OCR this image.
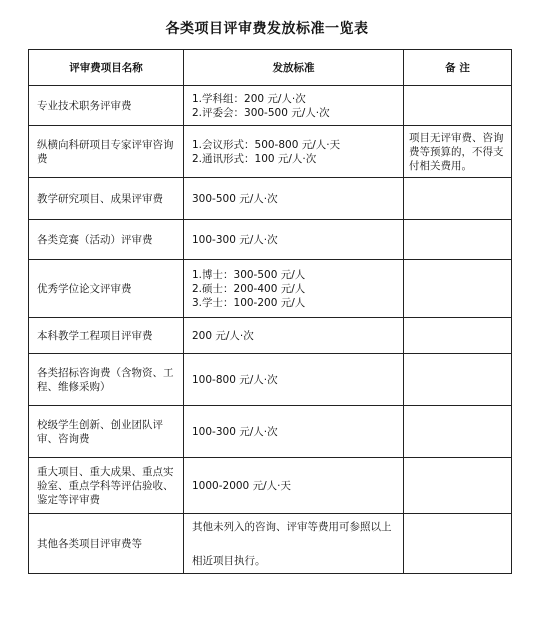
各类项目评审费发放标准一览表
评审费项目名称	发放标准	备 注
专业技术职务评审费	1.学科组：200 元/人·次
2.评委会：300-500 元/人·次	

纵横向科研项目专家评审咨询费	1.会议形式：500-800 元/人·天
2.通讯形式：100 元/人·次	项目无评审费、咨询费等预算的，不得支付相关费用。
教学研究项目、成果评审费	300-500 元/人·次	

各类竞赛（活动）评审费	100-300 元/人·次	

优秀学位论文评审费	1.博士：300-500 元/人
2.硕士：200-400 元/人
3.学士：100-200 元/人	

本科教学工程项目评审费	200 元/人·次	

各类招标咨询费（含物资、工程、维修采购）	100-800 元/人·次	

校级学生创新、创业团队评审、咨询费	100-300 元/人·次	

重大项目、重大成果、重点实验室、重点学科等评估验收、鉴定等评审费	1000-2000 元/人·天	

其他各类项目评审费等	其他未列入的咨询、评审等费用可参照以上
相近项目执行。	
